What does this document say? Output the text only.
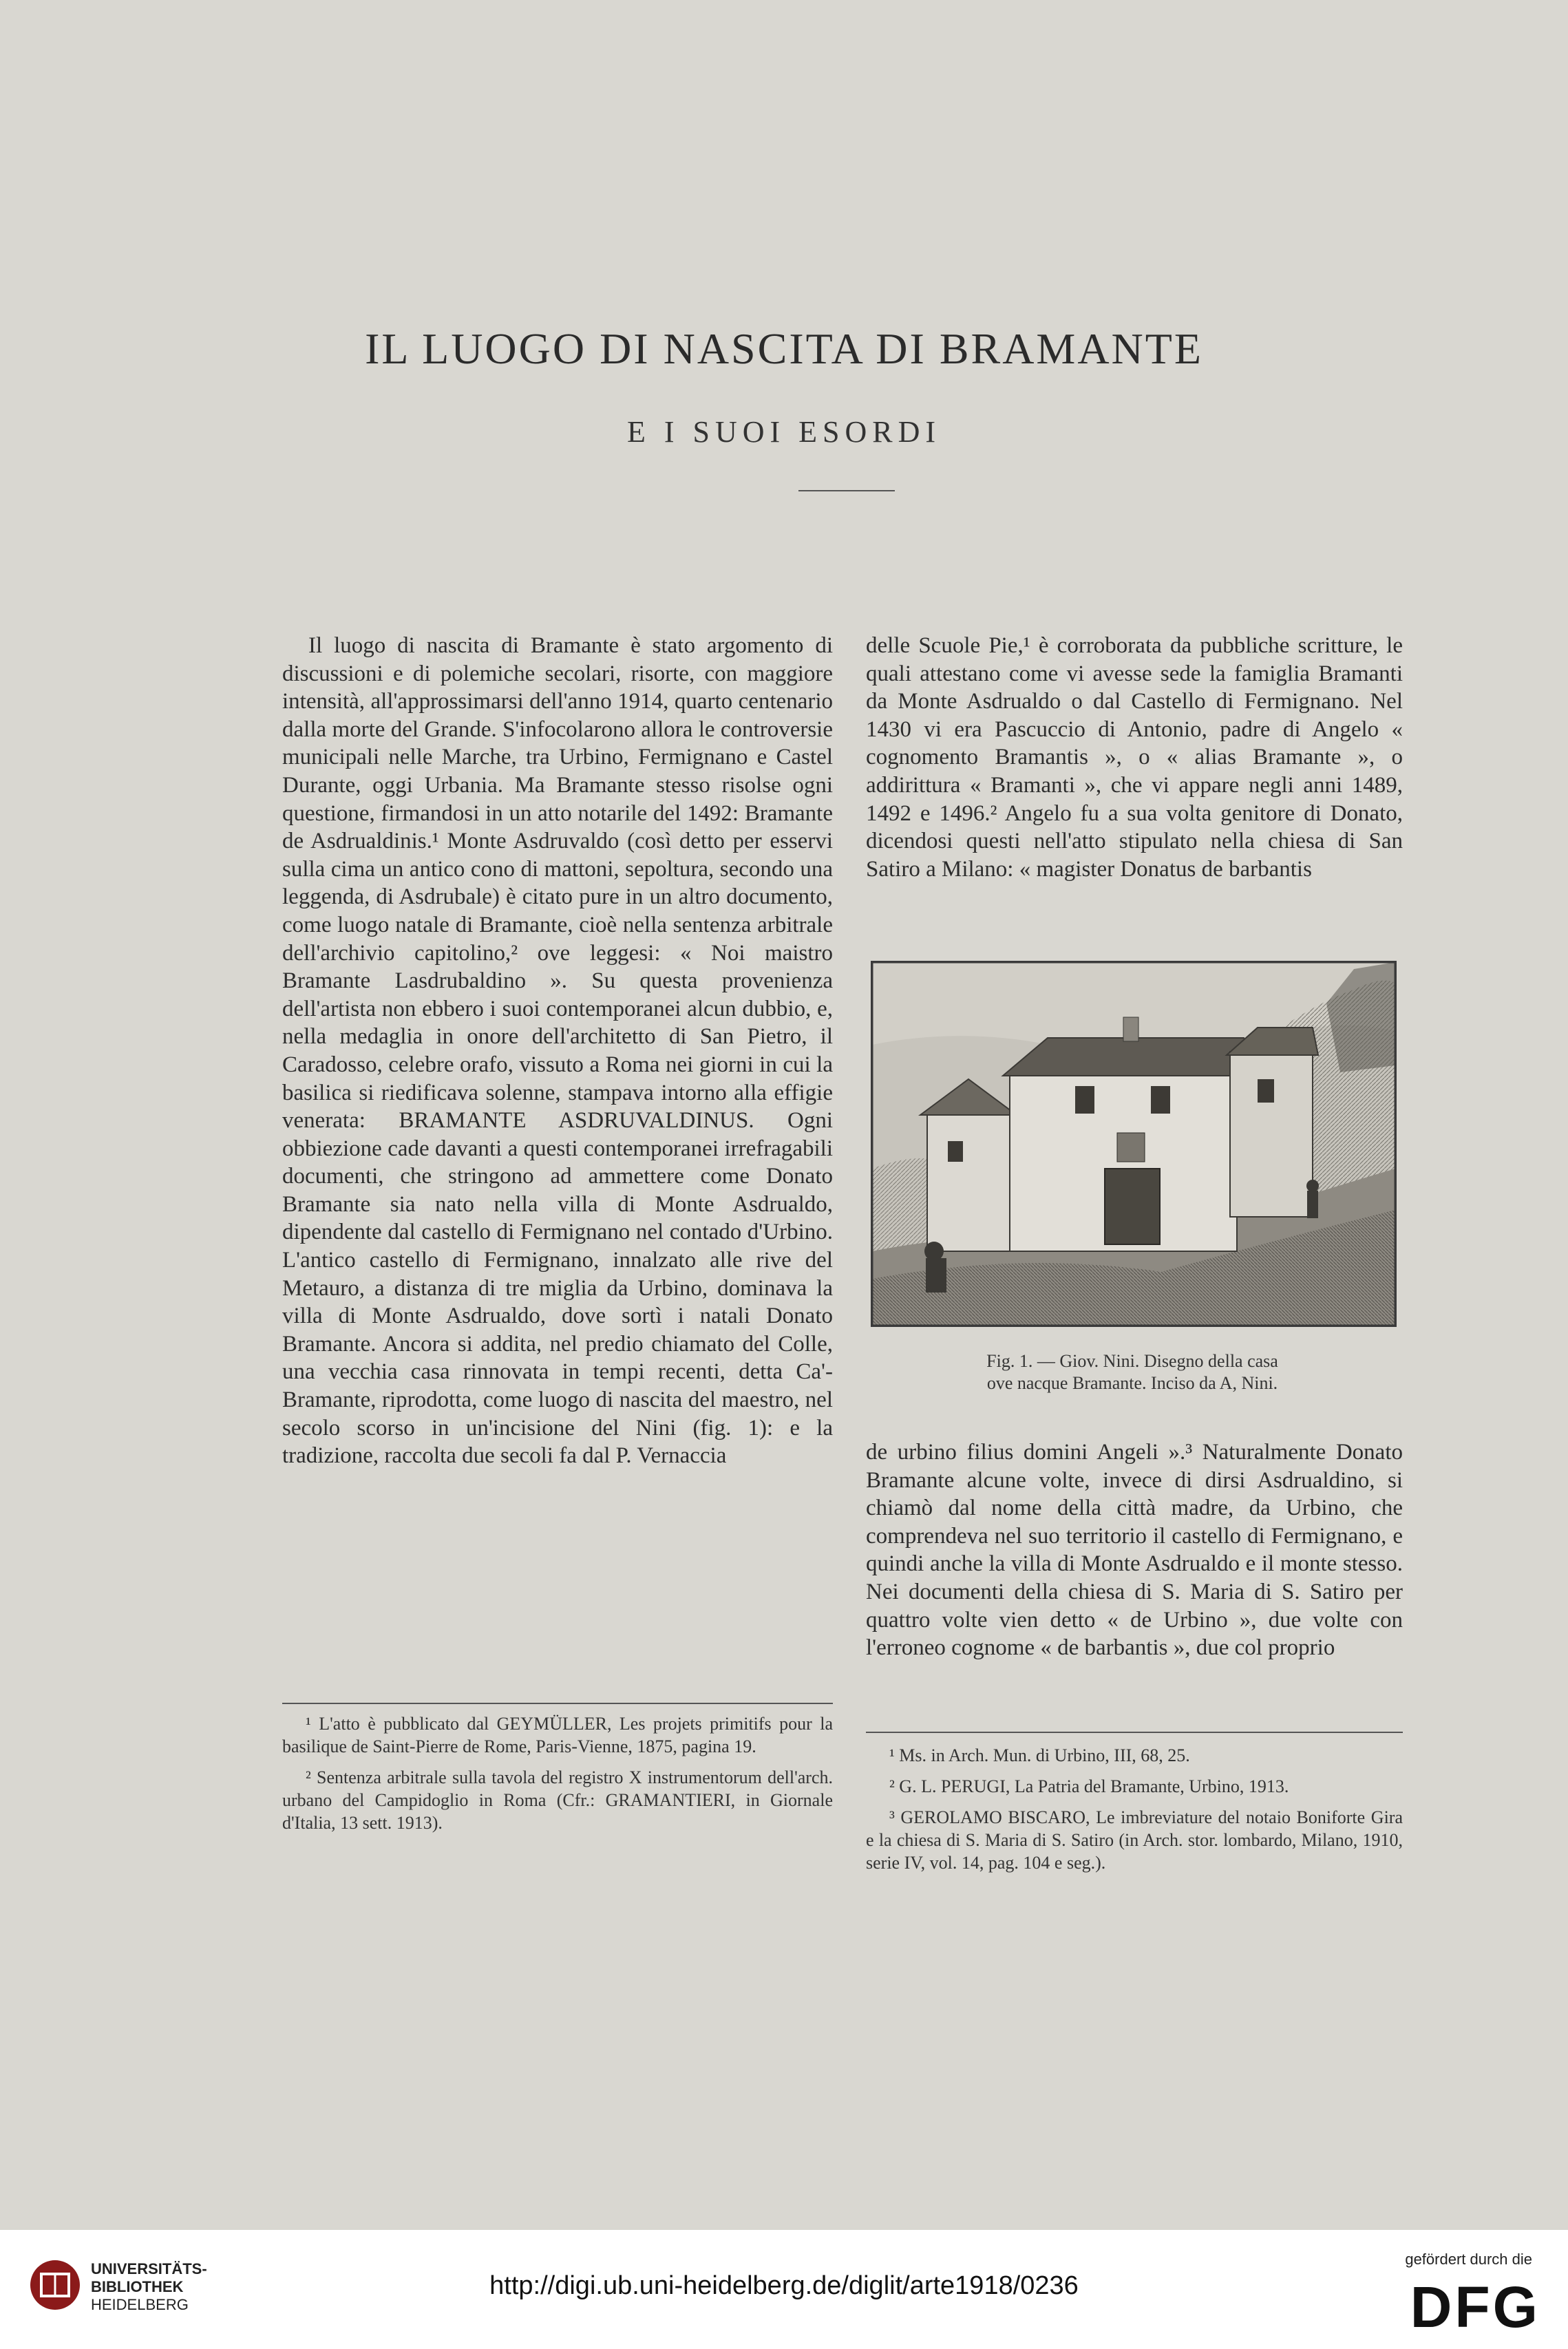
IL LUOGO DI NASCITA DI BRAMANTE
E I SUOI ESORDI

Il luogo di nascita di Bramante è stato argomento di discussioni e di polemiche secolari, risorte, con maggiore intensità, all'approssimarsi dell'anno 1914, quarto centenario dalla morte del Grande. S'infocolarono allora le controversie municipali nelle Marche, tra Urbino, Fermignano e Castel Durante, oggi Urbania. Ma Bramante stesso risolse ogni questione, firmandosi in un atto notarile del 1492: Bramante de Asdrualdinis.¹ Monte Asdruvaldo (così detto per esservi sulla cima un antico cono di mattoni, sepoltura, secondo una leggenda, di Asdrubale) è citato pure in un altro documento, come luogo natale di Bramante, cioè nella sentenza arbitrale dell'archivio capitolino,² ove leggesi: « Noi maistro Bramante Lasdrubaldino ». Su questa provenienza dell'artista non ebbero i suoi contemporanei alcun dubbio, e, nella medaglia in onore dell'architetto di San Pietro, il Caradosso, celebre orafo, vissuto a Roma nei giorni in cui la basilica si riedificava solenne, stampava intorno alla effigie venerata: BRAMANTE ASDRUVALDINUS. Ogni obbiezione cade davanti a questi contemporanei irrefragabili documenti, che stringono ad ammettere come Donato Bramante sia nato nella villa di Monte Asdrualdo, dipendente dal castello di Fermignano nel contado d'Urbino. L'antico castello di Fermignano, innalzato alle rive del Metauro, a distanza di tre miglia da Urbino, dominava la villa di Monte Asdrualdo, dove sortì i natali Donato Bramante. Ancora si addita, nel predio chiamato del Colle, una vecchia casa rinnovata in tempi recenti, detta Ca'-Bramante, riprodotta, come luogo di nascita del maestro, nel secolo scorso in un'incisione del Nini (fig. 1): e la tradizione, raccolta due secoli fa dal P. Vernaccia

delle Scuole Pie,¹ è corroborata da pubbliche scritture, le quali attestano come vi avesse sede la famiglia Bramanti da Monte Asdrualdo o dal Castello di Fermignano. Nel 1430 vi era Pascuccio di Antonio, padre di Angelo « cognomento Bramantis », o « alias Bramante », o addirittura « Bramanti », che vi appare negli anni 1489, 1492 e 1496.² Angelo fu a sua volta genitore di Donato, dicendosi questi nell'atto stipulato nella chiesa di San Satiro a Milano: « magister Donatus de barbantis

Fig. 1. — Giov. Nini. Disegno della casa
ove nacque Bramante. Inciso da A, Nini.

de urbino filius domini Angeli ».³ Naturalmente Donato Bramante alcune volte, invece di dirsi Asdrualdino, si chiamò dal nome della città madre, da Urbino, che comprendeva nel suo territorio il castello di Fermignano, e quindi anche la villa di Monte Asdrualdo e il monte stesso. Nei documenti della chiesa di S. Maria di S. Satiro per quattro volte vien detto « de Urbino », due volte con l'erroneo cognome « de barbantis », due col proprio

¹ L'atto è pubblicato dal GEYMÜLLER, Les projets primitifs pour la basilique de Saint-Pierre de Rome, Paris-Vienne, 1875, pagina 19.

² Sentenza arbitrale sulla tavola del registro X instrumentorum dell'arch. urbano del Campidoglio in Roma (Cfr.: GRAMANTIERI, in Giornale d'Italia, 13 sett. 1913).

¹ Ms. in Arch. Mun. di Urbino, III, 68, 25.

² G. L. PERUGI, La Patria del Bramante, Urbino, 1913.

³ GEROLAMO BISCARO, Le imbreviature del notaio Boniforte Gira e la chiesa di S. Maria di S. Satiro (in Arch. stor. lombardo, Milano, 1910, serie IV, vol. 14, pag. 104 e seg.).

UNIVERSITÄTS-
BIBLIOTHEK
HEIDELBERG
http://digi.ub.uni-heidelberg.de/diglit/arte1918/0236
gefördert durch die
DFG
